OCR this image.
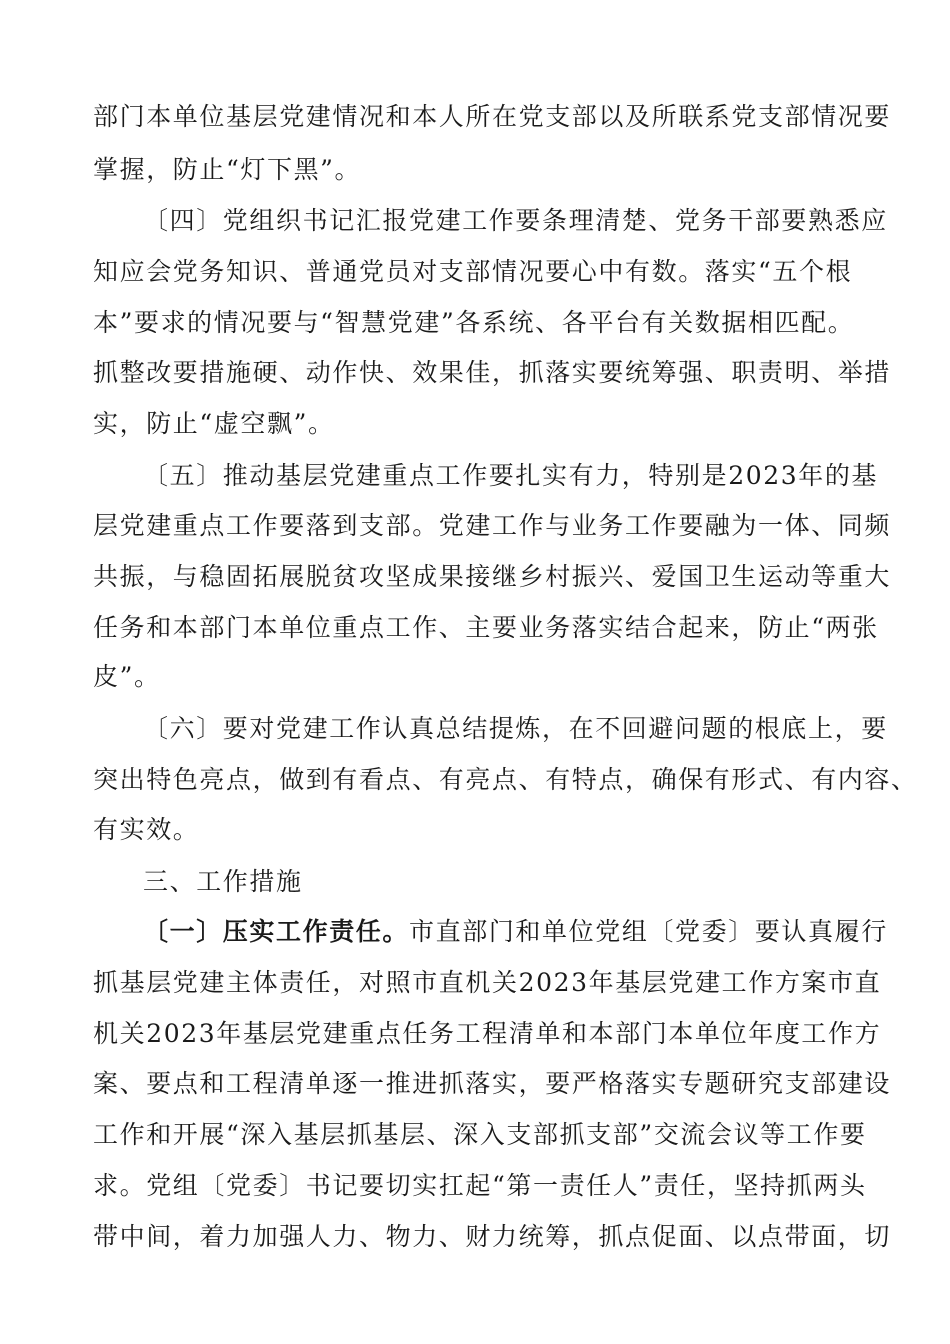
部门本单位基层党建情况和本人所在党支部以及所联系党支部情况要
掌握，防止“灯下黑”。
〔四〕党组织书记汇报党建工作要条理清楚、党务干部要熟悉应
知应会党务知识、普通党员对支部情况要心中有数。落实“五个根
本”要求的情况要与“智慧党建”各系统、各平台有关数据相匹配。
抓整改要措施硬、动作快、效果佳，抓落实要统筹强、职责明、举措
实，防止“虚空飘”。
〔五〕推动基层党建重点工作要扎实有力，特别是2023年的基
层党建重点工作要落到支部。党建工作与业务工作要融为一体、同频
共振，与稳固拓展脱贫攻坚成果接继乡村振兴、爱国卫生运动等重大
任务和本部门本单位重点工作、主要业务落实结合起来，防止“两张
皮”。
〔六〕要对党建工作认真总结提炼，在不回避问题的根底上，要
突出特色亮点，做到有看点、有亮点、有特点，确保有形式、有内容、
有实效。
三、工作措施
〔一〕压实工作责任。市直部门和单位党组〔党委〕要认真履行
抓基层党建主体责任，对照市直机关2023年基层党建工作方案市直
机关2023年基层党建重点任务工程清单和本部门本单位年度工作方
案、要点和工程清单逐一推进抓落实，要严格落实专题研究支部建设
工作和开展“深入基层抓基层、深入支部抓支部”交流会议等工作要
求。党组〔党委〕书记要切实扛起“第一责任人”责任，坚持抓两头
带中间，着力加强人力、物力、财力统筹，抓点促面、以点带面，切
